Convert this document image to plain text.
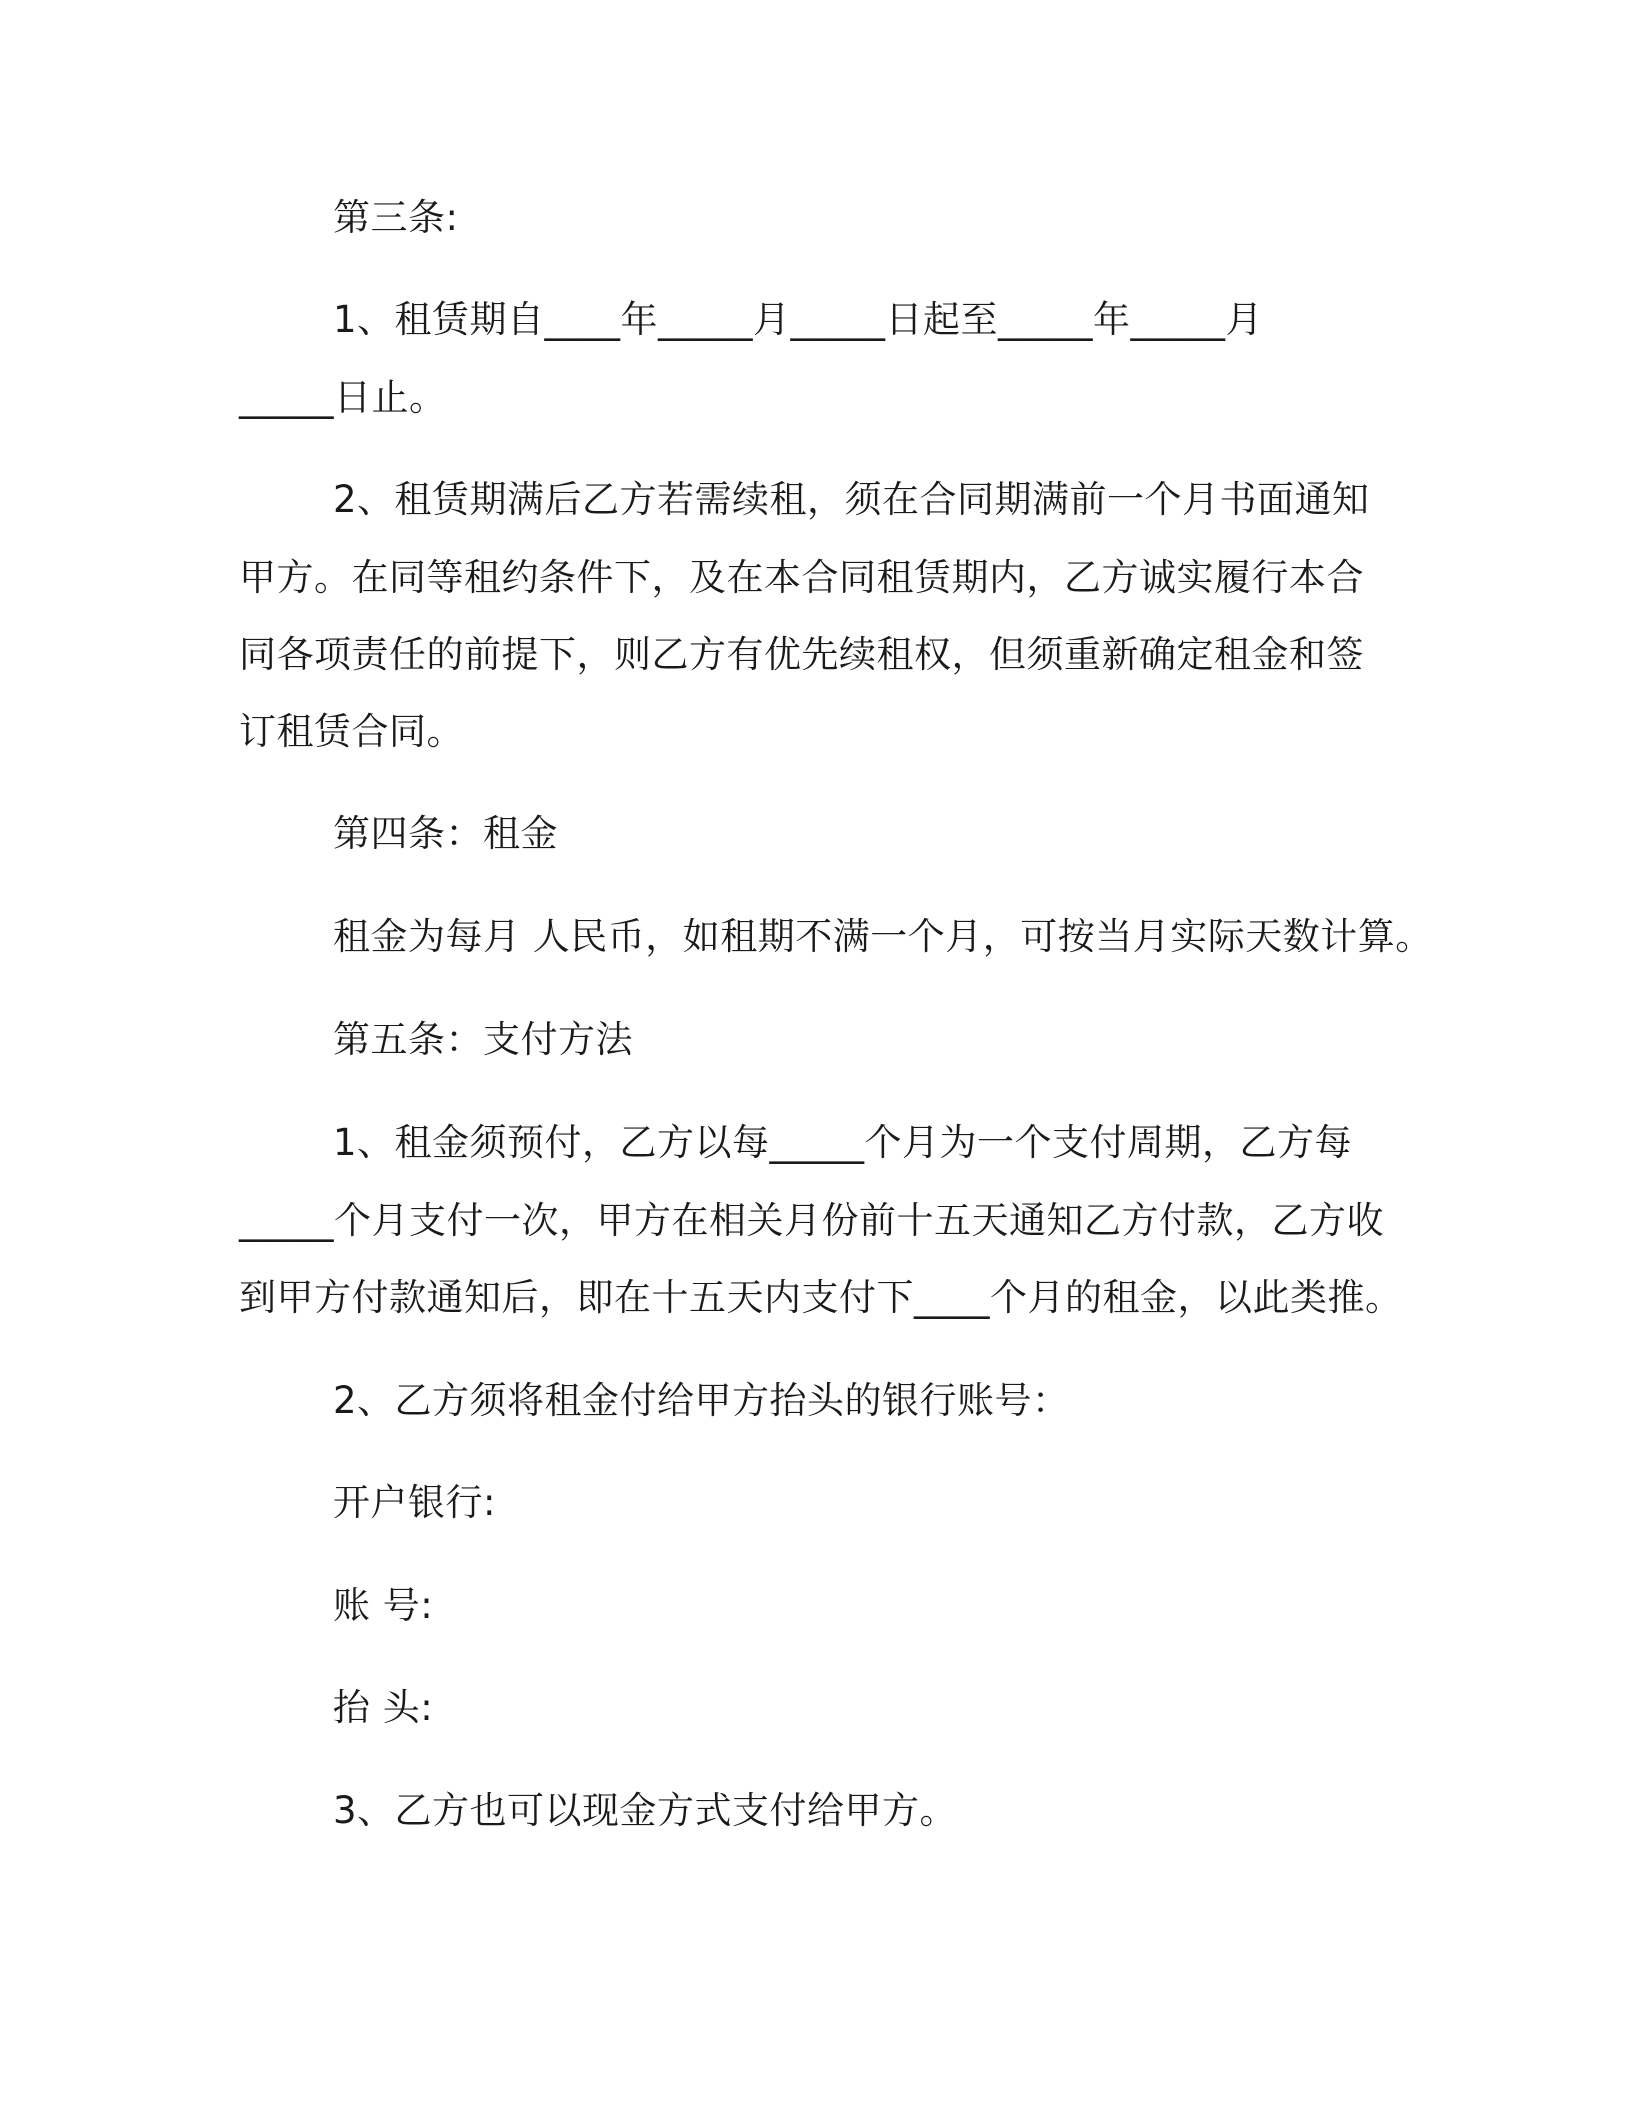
第三条:
1、租赁期自____年_____月_____日起至_____年_____月
_____日止。
2、租赁期满后乙方若需续租，须在合同期满前一个月书面通知
甲方。在同等租约条件下，及在本合同租赁期内，乙方诚实履行本合
同各项责任的前提下，则乙方有优先续租权，但须重新确定租金和签
订租赁合同。
第四条：租金
租金为每月 人民币，如租期不满一个月，可按当月实际天数计算。
第五条：支付方法
1、租金须预付，乙方以每_____个月为一个支付周期，乙方每
_____个月支付一次，甲方在相关月份前十五天通知乙方付款，乙方收
到甲方付款通知后，即在十五天内支付下____个月的租金，以此类推。
2、乙方须将租金付给甲方抬头的银行账号：
开户银行:
账 号:
抬 头:
3、乙方也可以现金方式支付给甲方。
